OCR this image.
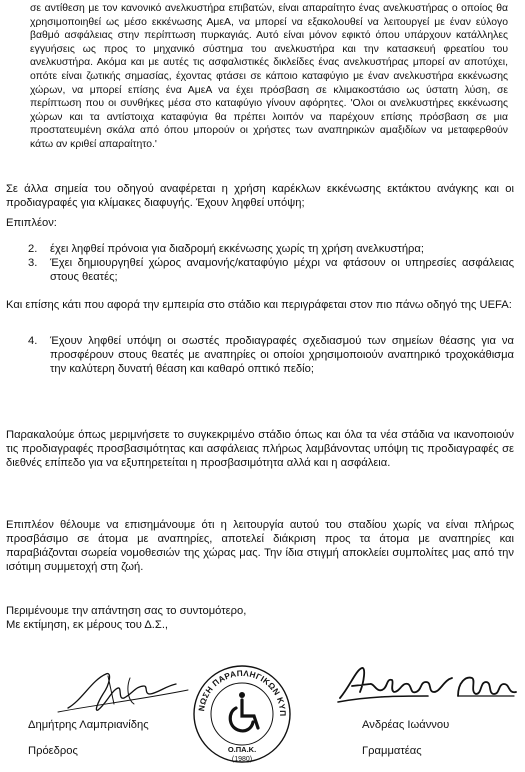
σε αντίθεση με τον κανονικό ανελκυστήρα επιβατών, είναι απαραίτητο ένας ανελκυστήρας ο οποίος θα χρησιμοποιηθεί ως μέσο εκκένωσης ΑμεΑ, να μπορεί να εξακολουθεί να λειτουργεί με έναν εύλογο βαθμό ασφάλειας στην περίπτωση πυρκαγιάς. Αυτό είναι μόνον εφικτό όπου υπάρχουν κατάλληλες εγγυήσεις ως προς το μηχανικό σύστημα του ανελκυστήρα και την κατασκευή φρεατίου του ανελκυστήρα. Ακόμα και με αυτές τις ασφαλιστικές δικλείδες ένας ανελκυστήρας μπορεί αν αποτύχει, οπότε είναι ζωτικής σημασίας, έχοντας φτάσει σε κάποιο καταφύγιο με έναν ανελκυστήρα εκκένωσης χώρων, να μπορεί επίσης ένα ΑμεΑ να έχει πρόσβαση σε κλιμακοστάσιο ως ύστατη λύση, σε περίπτωση που οι συνθήκες μέσα στο καταφύγιο γίνουν αφόρητες. 'Ολοι οι ανελκυστήρες εκκένωσης χώρων και τα αντίστοιχα καταφύγια θα πρέπει λοιπόν να παρέχουν επίσης πρόσβαση σε μια προστατευμένη σκάλα από όπου μπορούν οι χρήστες των αναπηρικών αμαξιδίων να μεταφερθούν κάτω αν κριθεί απαραίτητο.'
Σε άλλα σημεία του οδηγού αναφέρεται η χρήση καρέκλων εκκένωσης εκτάκτου ανάγκης και οι προδιαγραφές για κλίμακες διαφυγής. Έχουν ληφθεί υπόψη;
Επιπλέον:
2.	έχει ληφθεί πρόνοια για διαδρομή εκκένωσης χωρίς τη χρήση ανελκυστήρα;
3.	Έχει δημιουργηθεί χώρος αναμονής/καταφύγιο μέχρι να φτάσουν οι υπηρεσίες ασφάλειας στους θεατές;
Και επίσης κάτι που αφορά την εμπειρία στο στάδιο και περιγράφεται στον πιο πάνω οδηγό της UEFA:
4.	Έχουν ληφθεί υπόψη οι σωστές προδιαγραφές σχεδιασμού των σημείων θέασης για να προσφέρουν στους θεατές με αναπηρίες οι οποίοι χρησιμοποιούν αναπηρικό τροχοκάθισμα την καλύτερη δυνατή θέαση και καθαρό οπτικό πεδίο;
Παρακαλούμε όπως μεριμνήσετε το συγκεκριμένο στάδιο όπως και όλα τα νέα στάδια να ικανοποιούν τις προδιαγραφές προσβασιμότητας και ασφάλειας πλήρως λαμβάνοντας υπόψη τις προδιαγραφές σε διεθνές επίπεδο για να εξυπηρετείται η προσβασιμότητα αλλά και η ασφάλεια.
Επιπλέον θέλουμε να επισημάνουμε ότι η λειτουργία αυτού του σταδίου χωρίς να είναι πλήρως προσβάσιμο σε άτομα με αναπηρίες, αποτελεί διάκριση προς τα άτομα με αναπηρίες και παραβιάζονται σωρεία νομοθεσιών της χώρας μας. Την ίδια στιγμή αποκλείει συμπολίτες μας από την ισότιμη συμμετοχή στη ζωή.
Περιμένουμε την απάντηση σας το συντομότερο,
Με εκτίμηση, εκ μέρους του Δ.Σ.,
ΟΡΓΑΝΩΣΗ ΠΑΡΑΠΛΗΓΙΚΩΝ ΚΥΠΡΟΥ
Ο.ΠΑ.Κ.
(1980)
Δημήτρης Λαμπριανίδης
Πρόεδρος
Ανδρέας Ιωάννου
Γραμματέας
